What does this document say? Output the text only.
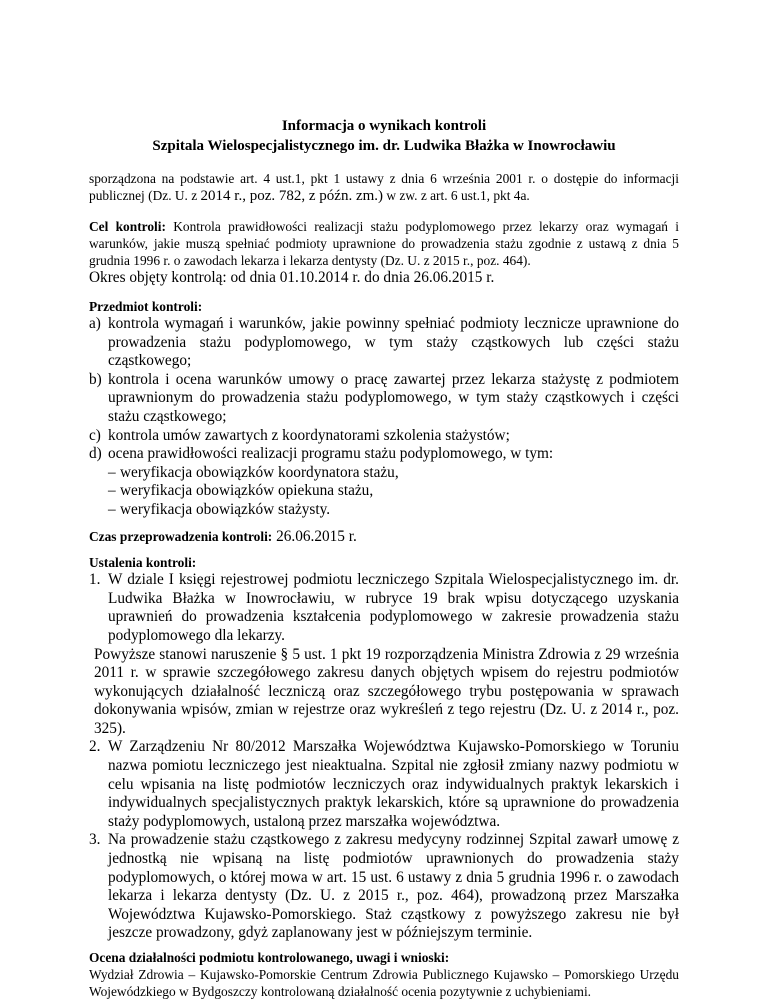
Informacja o wynikach kontroli
Szpitala Wielospecjalistycznego im. dr. Ludwika Błażka w Inowrocławiu

sporządzona na podstawie art. 4 ust.1, pkt 1 ustawy z dnia 6 września 2001 r. o dostępie do informacji publicznej (Dz. U. z 2014 r., poz. 782, z późn. zm.) w zw. z art. 6 ust.1, pkt 4a.

Cel kontroli: Kontrola prawidłowości realizacji stażu podyplomowego przez lekarzy oraz wymagań i warunków, jakie muszą spełniać podmioty uprawnione do prowadzenia stażu zgodnie z ustawą z dnia 5 grudnia 1996 r. o zawodach lekarza i lekarza dentysty (Dz. U. z 2015 r., poz. 464).

Okres objęty kontrolą: od dnia 01.10.2014 r. do dnia 26.06.2015 r.

Przedmiot kontroli:
a) kontrola wymagań i warunków, jakie powinny spełniać podmioty lecznicze uprawnione do prowadzenia stażu podyplomowego, w tym staży cząstkowych lub części stażu cząstkowego;
b) kontrola i ocena warunków umowy o pracę zawartej przez lekarza stażystę z podmiotem uprawnionym do prowadzenia stażu podyplomowego, w tym staży cząstkowych i części stażu cząstkowego;
c) kontrola umów zawartych z koordynatorami szkolenia stażystów;
d) ocena prawidłowości realizacji programu stażu podyplomowego, w tym:
– weryfikacja obowiązków koordynatora stażu,
– weryfikacja obowiązków opiekuna stażu,
– weryfikacja obowiązków stażysty.

Czas przeprowadzenia kontroli: 26.06.2015 r.

Ustalenia kontroli:
1. W dziale I księgi rejestrowej podmiotu leczniczego Szpitala Wielospecjalistycznego im. dr. Ludwika Błażka w Inowrocławiu, w rubryce 19 brak wpisu dotyczącego uzyskania uprawnień do prowadzenia kształcenia podyplomowego w zakresie prowadzenia stażu podyplomowego dla lekarzy.

Powyższe stanowi naruszenie § 5 ust. 1 pkt 19 rozporządzenia Ministra Zdrowia z 29 września 2011 r. w sprawie szczegółowego zakresu danych objętych wpisem do rejestru podmiotów wykonujących działalność leczniczą oraz szczegółowego trybu postępowania w sprawach dokonywania wpisów, zmian w rejestrze oraz wykreśleń z tego rejestru (Dz. U. z 2014 r., poz. 325).

2. W Zarządzeniu Nr 80/2012 Marszałka Województwa Kujawsko-Pomorskiego w Toruniu nazwa pomiotu leczniczego jest nieaktualna. Szpital nie zgłosił zmiany nazwy podmiotu w celu wpisania na listę podmiotów leczniczych oraz indywidualnych praktyk lekarskich i indywidualnych specjalistycznych praktyk lekarskich, które są uprawnione do prowadzenia staży podyplomowych, ustaloną przez marszałka województwa.
3. Na prowadzenie stażu cząstkowego z zakresu medycyny rodzinnej Szpital zawarł umowę z jednostką nie wpisaną na listę podmiotów uprawnionych do prowadzenia staży podyplomowych, o której mowa w art. 15 ust. 6 ustawy z dnia 5 grudnia 1996 r. o zawodach lekarza i lekarza dentysty (Dz. U. z 2015 r., poz. 464), prowadzoną przez Marszałka Województwa Kujawsko-Pomorskiego. Staż cząstkowy z powyższego zakresu nie był jeszcze prowadzony, gdyż zaplanowany jest w późniejszym terminie.
Ocena działalności podmiotu kontrolowanego, uwagi i wnioski:

Wydział Zdrowia – Kujawsko-Pomorskie Centrum Zdrowia Publicznego Kujawsko – Pomorskiego Urzędu Wojewódzkiego w Bydgoszczy kontrolowaną działalność ocenia pozytywnie z uchybieniami.
